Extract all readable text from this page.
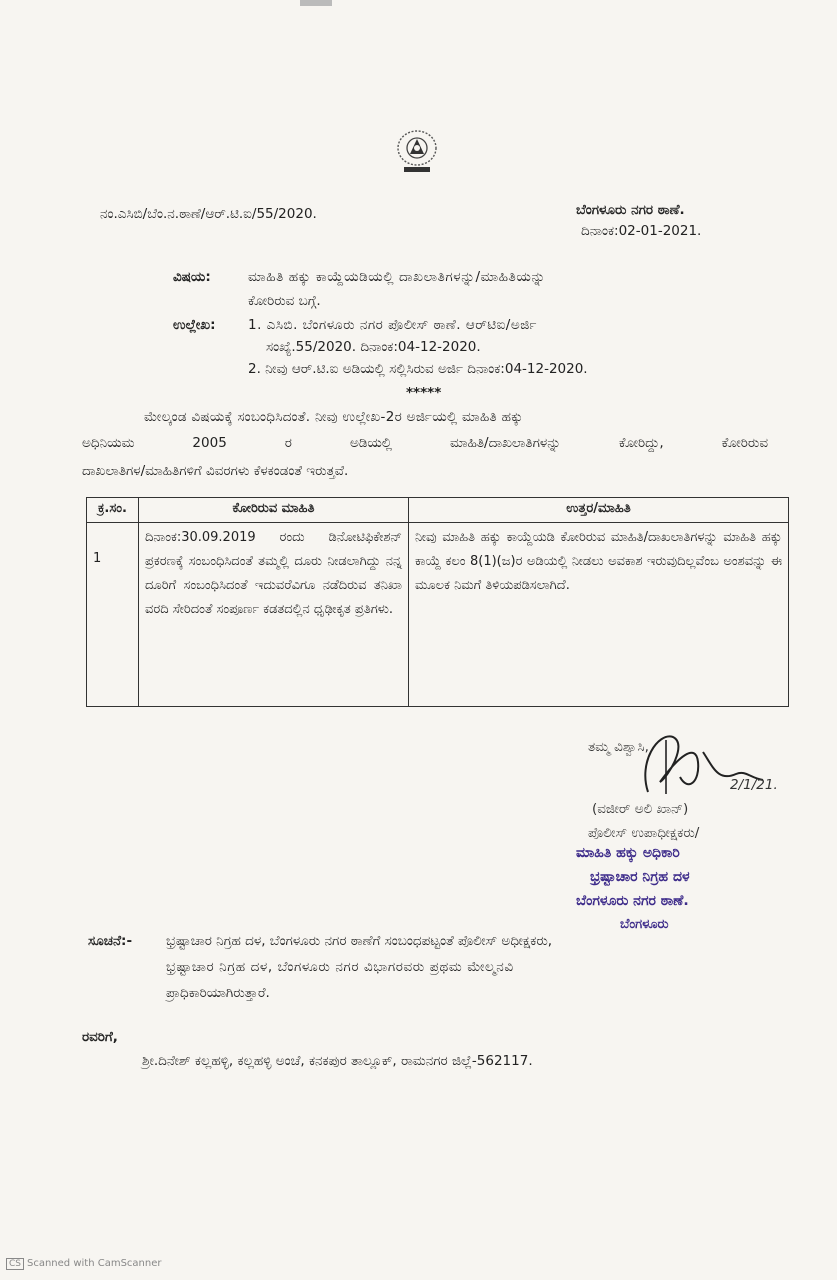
ನಂ.ಎಸಿಬಿ/ಬೆಂ.ನ.ಠಾಣೆ/ಆರ್.ಟಿ.ಐ/55/2020.	ಬೆಂಗಳೂರು ನಗರ ಠಾಣೆ.
ದಿನಾಂಕ:02-01-2021.
ವಿಷಯ:	ಮಾಹಿತಿ ಹಕ್ಕು ಕಾಯ್ದೆಯಡಿಯಲ್ಲಿ ದಾಖಲಾತಿಗಳನ್ನು/ಮಾಹಿತಿಯನ್ನು
ಕೋರಿರುವ ಬಗ್ಗೆ.
ಉಲ್ಲೇಖ: 1. ಎಸಿಬಿ. ಬೆಂಗಳೂರು ನಗರ ಪೊಲೀಸ್ ಠಾಣೆ. ಆರ್‌ಟಿಐ/ಅರ್ಜಿ
ಸಂಖ್ಯೆ.55/2020. ದಿನಾಂಕ:04-12-2020.
2. ನೀವು ಆರ್.ಟಿ.ಐ ಅಡಿಯಲ್ಲಿ ಸಲ್ಲಿಸಿರುವ ಅರ್ಜಿ ದಿನಾಂಕ:04-12-2020.
*****
ಮೇಲ್ಕಂಡ ವಿಷಯಕ್ಕೆ ಸಂಬಂಧಿಸಿದಂತೆ. ನೀವು ಉಲ್ಲೇಖ-2ರ ಅರ್ಜಿಯಲ್ಲಿ ಮಾಹಿತಿ ಹಕ್ಕು
ಅಧಿನಿಯಮ 2005 ರ ಅಡಿಯಲ್ಲಿ ಮಾಹಿತಿ/ದಾಖಲಾತಿಗಳನ್ನು ಕೋರಿದ್ದು, ಕೋರಿರುವ
ದಾಖಲಾತಿಗಳ/ಮಾಹಿತಿಗಳಿಗೆ ವಿವರಗಳು ಕೆಳಕಂಡಂತೆ ಇರುತ್ತವೆ.
ಕ್ರ.ಸಂ.	ಕೋರಿರುವ ಮಾಹಿತಿ	ಉತ್ತರ/ಮಾಹಿತಿ
1	ದಿನಾಂಕ:30.09.2019 ರಂದು ಡಿನೋಟಿಫಿಕೇಶನ್ ಪ್ರಕರಣಕ್ಕೆ ಸಂಬಂಧಿಸಿದಂತೆ ತಮ್ಮಲ್ಲಿ ದೂರು ನೀಡಲಾಗಿದ್ದು ನನ್ನ ದೂರಿಗೆ ಸಂಬಂಧಿಸಿದಂತೆ ಇದುವರೆವಿಗೂ ನಡೆದಿರುವ ತನಿಖಾ ವರದಿ ಸೇರಿದಂತೆ ಸಂಪೂರ್ಣ ಕಡತದಲ್ಲಿನ ಧೃಢೀಕೃತ ಪ್ರತಿಗಳು.	ನೀವು ಮಾಹಿತಿ ಹಕ್ಕು ಕಾಯ್ದೆಯಡಿ ಕೋರಿರುವ ಮಾಹಿತಿ/ದಾಖಲಾತಿಗಳನ್ನು ಮಾಹಿತಿ ಹಕ್ಕು ಕಾಯ್ದೆ ಕಲಂ 8(1)(ಜ)ರ ಅಡಿಯಲ್ಲಿ ನೀಡಲು ಅವಕಾಶ ಇರುವುದಿಲ್ಲವೆಂಬ ಅಂಶವನ್ನು ಈ ಮೂಲಕ ನಿಮಗೆ ತಿಳಿಯಪಡಿಸಲಾಗಿದೆ.
ತಮ್ಮ ವಿಶ್ವಾಸಿ,
2/1/21.
(ವಜೀರ್ ಅಲಿ ಖಾನ್)
ಪೊಲೀಸ್ ಉಪಾಧೀಕ್ಷಕರು/
ಮಾಹಿತಿ ಹಕ್ಕು ಅಧಿಕಾರಿ
ಭ್ರಷ್ಟಾಚಾರ ನಿಗ್ರಹ ದಳ
ಬೆಂಗಳೂರು ನಗರ ಠಾಣೆ.
ಬೆಂಗಳೂರು
ಸೂಚನೆ:-	ಭ್ರಷ್ಟಾಚಾರ ನಿಗ್ರಹ ದಳ, ಬೆಂಗಳೂರು ನಗರ ಠಾಣೆಗೆ ಸಂಬಂಧಪಟ್ಟಂತೆ ಪೊಲೀಸ್ ಅಧೀಕ್ಷಕರು,
ಭ್ರಷ್ಟಾಚಾರ ನಿಗ್ರಹ ದಳ, ಬೆಂಗಳೂರು ನಗರ ವಿಭಾಗರವರು ಪ್ರಥಮ ಮೇಲ್ಮನವಿ
ಪ್ರಾಧಿಕಾರಿಯಾಗಿರುತ್ತಾರೆ.
ರವರಿಗೆ,
ಶ್ರೀ.ದಿನೇಶ್ ಕಲ್ಲಹಳ್ಳಿ, ಕಲ್ಲಹಳ್ಳಿ ಅಂಚೆ, ಕನಕಪುರ ತಾಲ್ಲೂಕ್, ರಾಮನಗರ ಜಿಲ್ಲೆ-562117.
CS Scanned with CamScanner
